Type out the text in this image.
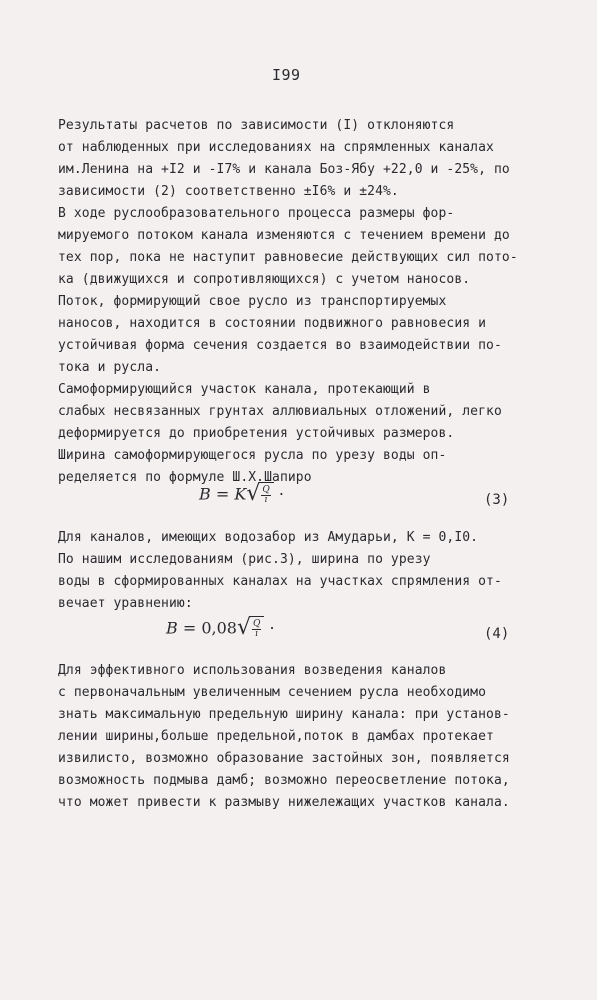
I99
Результаты расчетов по зависимости (I) отклоняются
от наблюденных при исследованиях на спрямленных каналах
им.Ленина на +I2 и -I7% и канала Боз-Ябу +22,0 и -25%, по
зависимости (2) соответственно ±I6% и ±24%.
В ходе руслообразовательного процесса размеры фор-
мируемого потоком канала изменяются с течением времени до
тех пор, пока не наступит равновесие действующих сил пото-
ка (движущихся и сопротивляющихся) с учетом наносов.
Поток, формирующий свое русло из транспортируемых
наносов, находится в состоянии подвижного равновесия и
устойчивая форма сечения создается во взаимодействии по-
тока и русла.
Самоформирующийся участок канала, протекающий в
слабых несвязанных грунтах аллювиальных отложений, легко
деформируется до приобретения устойчивых размеров.
Ширина самоформирующегося русла по урезу воды оп-
ределяется по формуле Ш.Х.Шапиро
B = K √ $\frac{Q}{i}$ ·	(3)
Для каналов, имеющих водозабор из Амударьи, К = 0,I0.
По нашим исследованиям (рис.3), ширина по урезу
воды в сформированных каналах на участках спрямления от-
вечает уравнению:
B = 0,08 √ $\frac{Q}{i}$ ·	(4)
Для эффективного использования возведения каналов
с первоначальным увеличенным сечением русла необходимо
знать максимальную предельную ширину канала: при установ-
лении ширины,больше предельной,поток в дамбах протекает
извилисто, возможно образование застойных зон, появляется
возможность подмыва дамб; возможно переосветление потока,
что может привести к размыву нижележащих участков канала.
